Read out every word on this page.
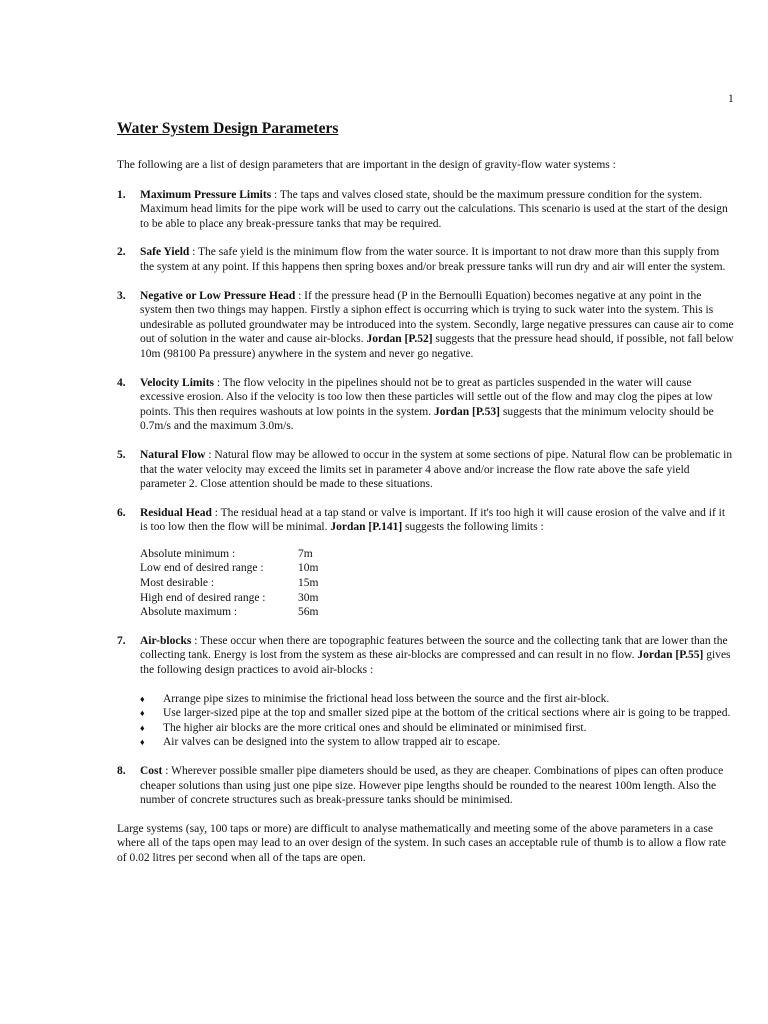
1
Water System Design Parameters

The following are a list of design parameters that are important in the design of gravity-flow water systems :

1. Maximum Pressure Limits : The taps and valves closed state, should be the maximum pressure condition for the system. Maximum head limits for the pipe work will be used to carry out the calculations. This scenario is used at the start of the design to be able to place any break-pressure tanks that may be required.
2. Safe Yield : The safe yield is the minimum flow from the water source. It is important to not draw more than this supply from the system at any point. If this happens then spring boxes and/or break pressure tanks will run dry and air will enter the system.
3. Negative or Low Pressure Head : If the pressure head (P in the Bernoulli Equation) becomes negative at any point in the system then two things may happen. Firstly a siphon effect is occurring which is trying to suck water into the system. This is undesirable as polluted groundwater may be introduced into the system. Secondly, large negative pressures can cause air to come out of solution in the water and cause air-blocks. Jordan [P.52] suggests that the pressure head should, if possible, not fall below 10m (98100 Pa pressure) anywhere in the system and never go negative.
4. Velocity Limits : The flow velocity in the pipelines should not be to great as particles suspended in the water will cause excessive erosion. Also if the velocity is too low then these particles will settle out of the flow and may clog the pipes at low points. This then requires washouts at low points in the system. Jordan [P.53] suggests that the minimum velocity should be 0.7m/s and the maximum 3.0m/s.
5. Natural Flow : Natural flow may be allowed to occur in the system at some sections of pipe. Natural flow can be problematic in that the water velocity may exceed the limits set in parameter 4 above and/or increase the flow rate above the safe yield parameter 2. Close attention should be made to these situations.
6. Residual Head : The residual head at a tap stand or valve is important. If it's too high it will cause erosion of the valve and if it is too low then the flow will be minimal. Jordan [P.141] suggests the following limits :
Absolute minimum :	7m
Low end of desired range :	10m
Most desirable :	15m
High end of desired range :	30m
Absolute maximum :	56m
7. Air-blocks : These occur when there are topographic features between the source and the collecting tank that are lower than the collecting tank. Energy is lost from the system as these air-blocks are compressed and can result in no flow. Jordan [P.55] gives the following design practices to avoid air-blocks :
♦ Arrange pipe sizes to minimise the frictional head loss between the source and the first air-block.
♦ Use larger-sized pipe at the top and smaller sized pipe at the bottom of the critical sections where air is going to be trapped.
♦ The higher air blocks are the more critical ones and should be eliminated or minimised first.
♦ Air valves can be designed into the system to allow trapped air to escape.
8. Cost : Wherever possible smaller pipe diameters should be used, as they are cheaper. Combinations of pipes can often produce cheaper solutions than using just one pipe size. However pipe lengths should be rounded to the nearest 100m length. Also the number of concrete structures such as break-pressure tanks should be minimised.

Large systems (say, 100 taps or more) are difficult to analyse mathematically and meeting some of the above parameters in a case where all of the taps open may lead to an over design of the system. In such cases an acceptable rule of thumb is to allow a flow rate of 0.02 litres per second when all of the taps are open.
